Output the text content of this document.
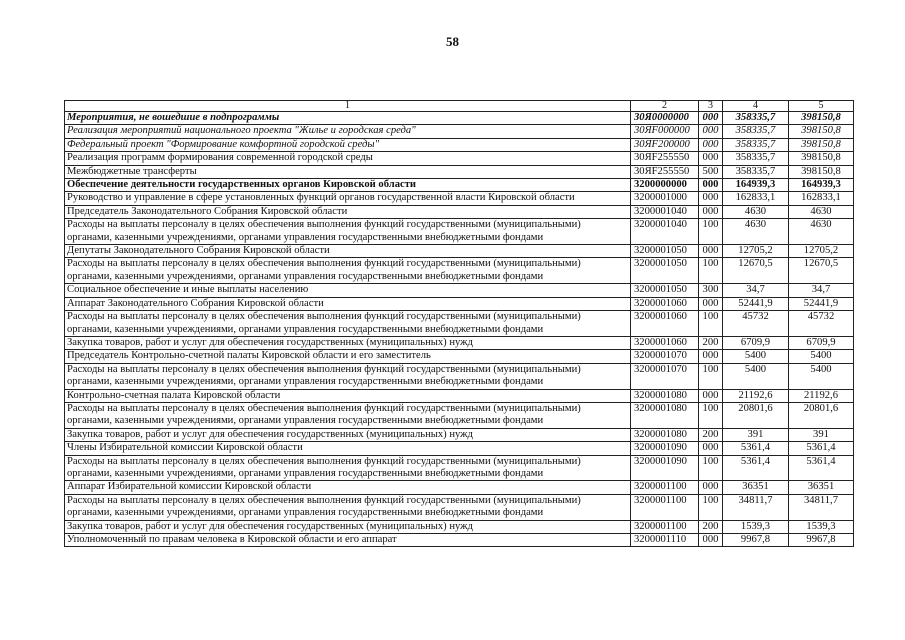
58
1	2	3	4	5
Мероприятия, не вошедшие в подпрограммы	30Я0000000	000	358335,7	398150,8
Реализация мероприятий национального проекта "Жилье и городская среда"	30ЯF000000	000	358335,7	398150,8
Федеральный проект "Формирование комфортной городской среды"	30ЯF200000	000	358335,7	398150,8
Реализация программ формирования современной городской среды	30ЯF255550	000	358335,7	398150,8
Межбюджетные трансферты	30ЯF255550	500	358335,7	398150,8
Обеспечение деятельности государственных органов Кировской области	3200000000	000	164939,3	164939,3
Руководство и управление в сфере установленных функций органов государственной власти Кировской области	3200001000	000	162833,1	162833,1
Председатель Законодательного Собрания Кировской области	3200001040	000	4630	4630
Расходы на выплаты персоналу в целях обеспечения выполнения функций государственными (муниципальными) органами, казенными учреждениями, органами управления государственными внебюджетными фондами	3200001040	100	4630	4630
Депутаты Законодательного Собрания Кировской области	3200001050	000	12705,2	12705,2
Расходы на выплаты персоналу в целях обеспечения выполнения функций государственными (муниципальными) органами, казенными учреждениями, органами управления государственными внебюджетными фондами	3200001050	100	12670,5	12670,5
Социальное обеспечение и иные выплаты населению	3200001050	300	34,7	34,7
Аппарат Законодательного Собрания Кировской области	3200001060	000	52441,9	52441,9
Расходы на выплаты персоналу в целях обеспечения выполнения функций государственными (муниципальными) органами, казенными учреждениями, органами управления государственными внебюджетными фондами	3200001060	100	45732	45732
Закупка товаров, работ и услуг для обеспечения государственных (муниципальных) нужд	3200001060	200	6709,9	6709,9
Председатель Контрольно-счетной палаты Кировской области и его заместитель	3200001070	000	5400	5400
Расходы на выплаты персоналу в целях обеспечения выполнения функций государственными (муниципальными) органами, казенными учреждениями, органами управления государственными внебюджетными фондами	3200001070	100	5400	5400
Контрольно-счетная палата Кировской области	3200001080	000	21192,6	21192,6
Расходы на выплаты персоналу в целях обеспечения выполнения функций государственными (муниципальными) органами, казенными учреждениями, органами управления государственными внебюджетными фондами	3200001080	100	20801,6	20801,6
Закупка товаров, работ и услуг для обеспечения государственных (муниципальных) нужд	3200001080	200	391	391
Члены Избирательной комиссии Кировской области	3200001090	000	5361,4	5361,4
Расходы на выплаты персоналу в целях обеспечения выполнения функций государственными (муниципальными) органами, казенными учреждениями, органами управления государственными внебюджетными фондами	3200001090	100	5361,4	5361,4
Аппарат Избирательной комиссии Кировской области	3200001100	000	36351	36351
Расходы на выплаты персоналу в целях обеспечения выполнения функций государственными (муниципальными) органами, казенными учреждениями, органами управления государственными внебюджетными фондами	3200001100	100	34811,7	34811,7
Закупка товаров, работ и услуг для обеспечения государственных (муниципальных) нужд	3200001100	200	1539,3	1539,3
Уполномоченный по правам человека в Кировской области и его аппарат	3200001110	000	9967,8	9967,8
